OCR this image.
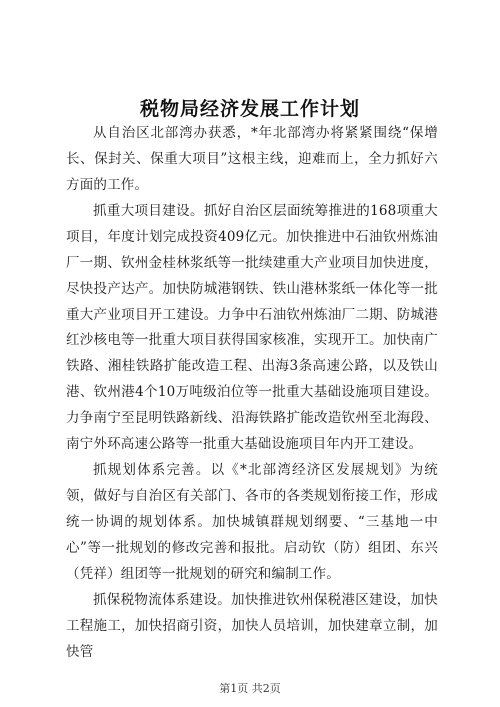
税物局经济发展工作计划

从自治区北部湾办获悉，*年北部湾办将紧紧围绕“保增长、保封关、保重大项目”这根主线，迎难而上，全力抓好六方面的工作。

抓重大项目建设。抓好自治区层面统筹推进的168项重大项目，年度计划完成投资409亿元。加快推进中石油钦州炼油厂一期、钦州金桂林浆纸等一批续建重大产业项目加快进度，尽快投产达产。加快防城港钢铁、铁山港林浆纸一体化等一批重大产业项目开工建设。力争中石油钦州炼油厂二期、防城港红沙核电等一批重大项目获得国家核准，实现开工。加快南广铁路、湘桂铁路扩能改造工程、出海3条高速公路，以及铁山港、钦州港4个10万吨级泊位等一批重大基础设施项目建设。力争南宁至昆明铁路新线、沿海铁路扩能改造钦州至北海段、南宁外环高速公路等一批重大基础设施项目年内开工建设。

抓规划体系完善。以《*北部湾经济区发展规划》为统领，做好与自治区有关部门、各市的各类规划衔接工作，形成统一协调的规划体系。加快城镇群规划纲要、“三基地一中心”等一批规划的修改完善和报批。启动钦（防）组团、东兴（凭祥）组团等一批规划的研究和编制工作。

抓保税物流体系建设。加快推进钦州保税港区建设，加快工程施工，加快招商引资，加快人员培训，加快建章立制，加快管

第1页 共2页
